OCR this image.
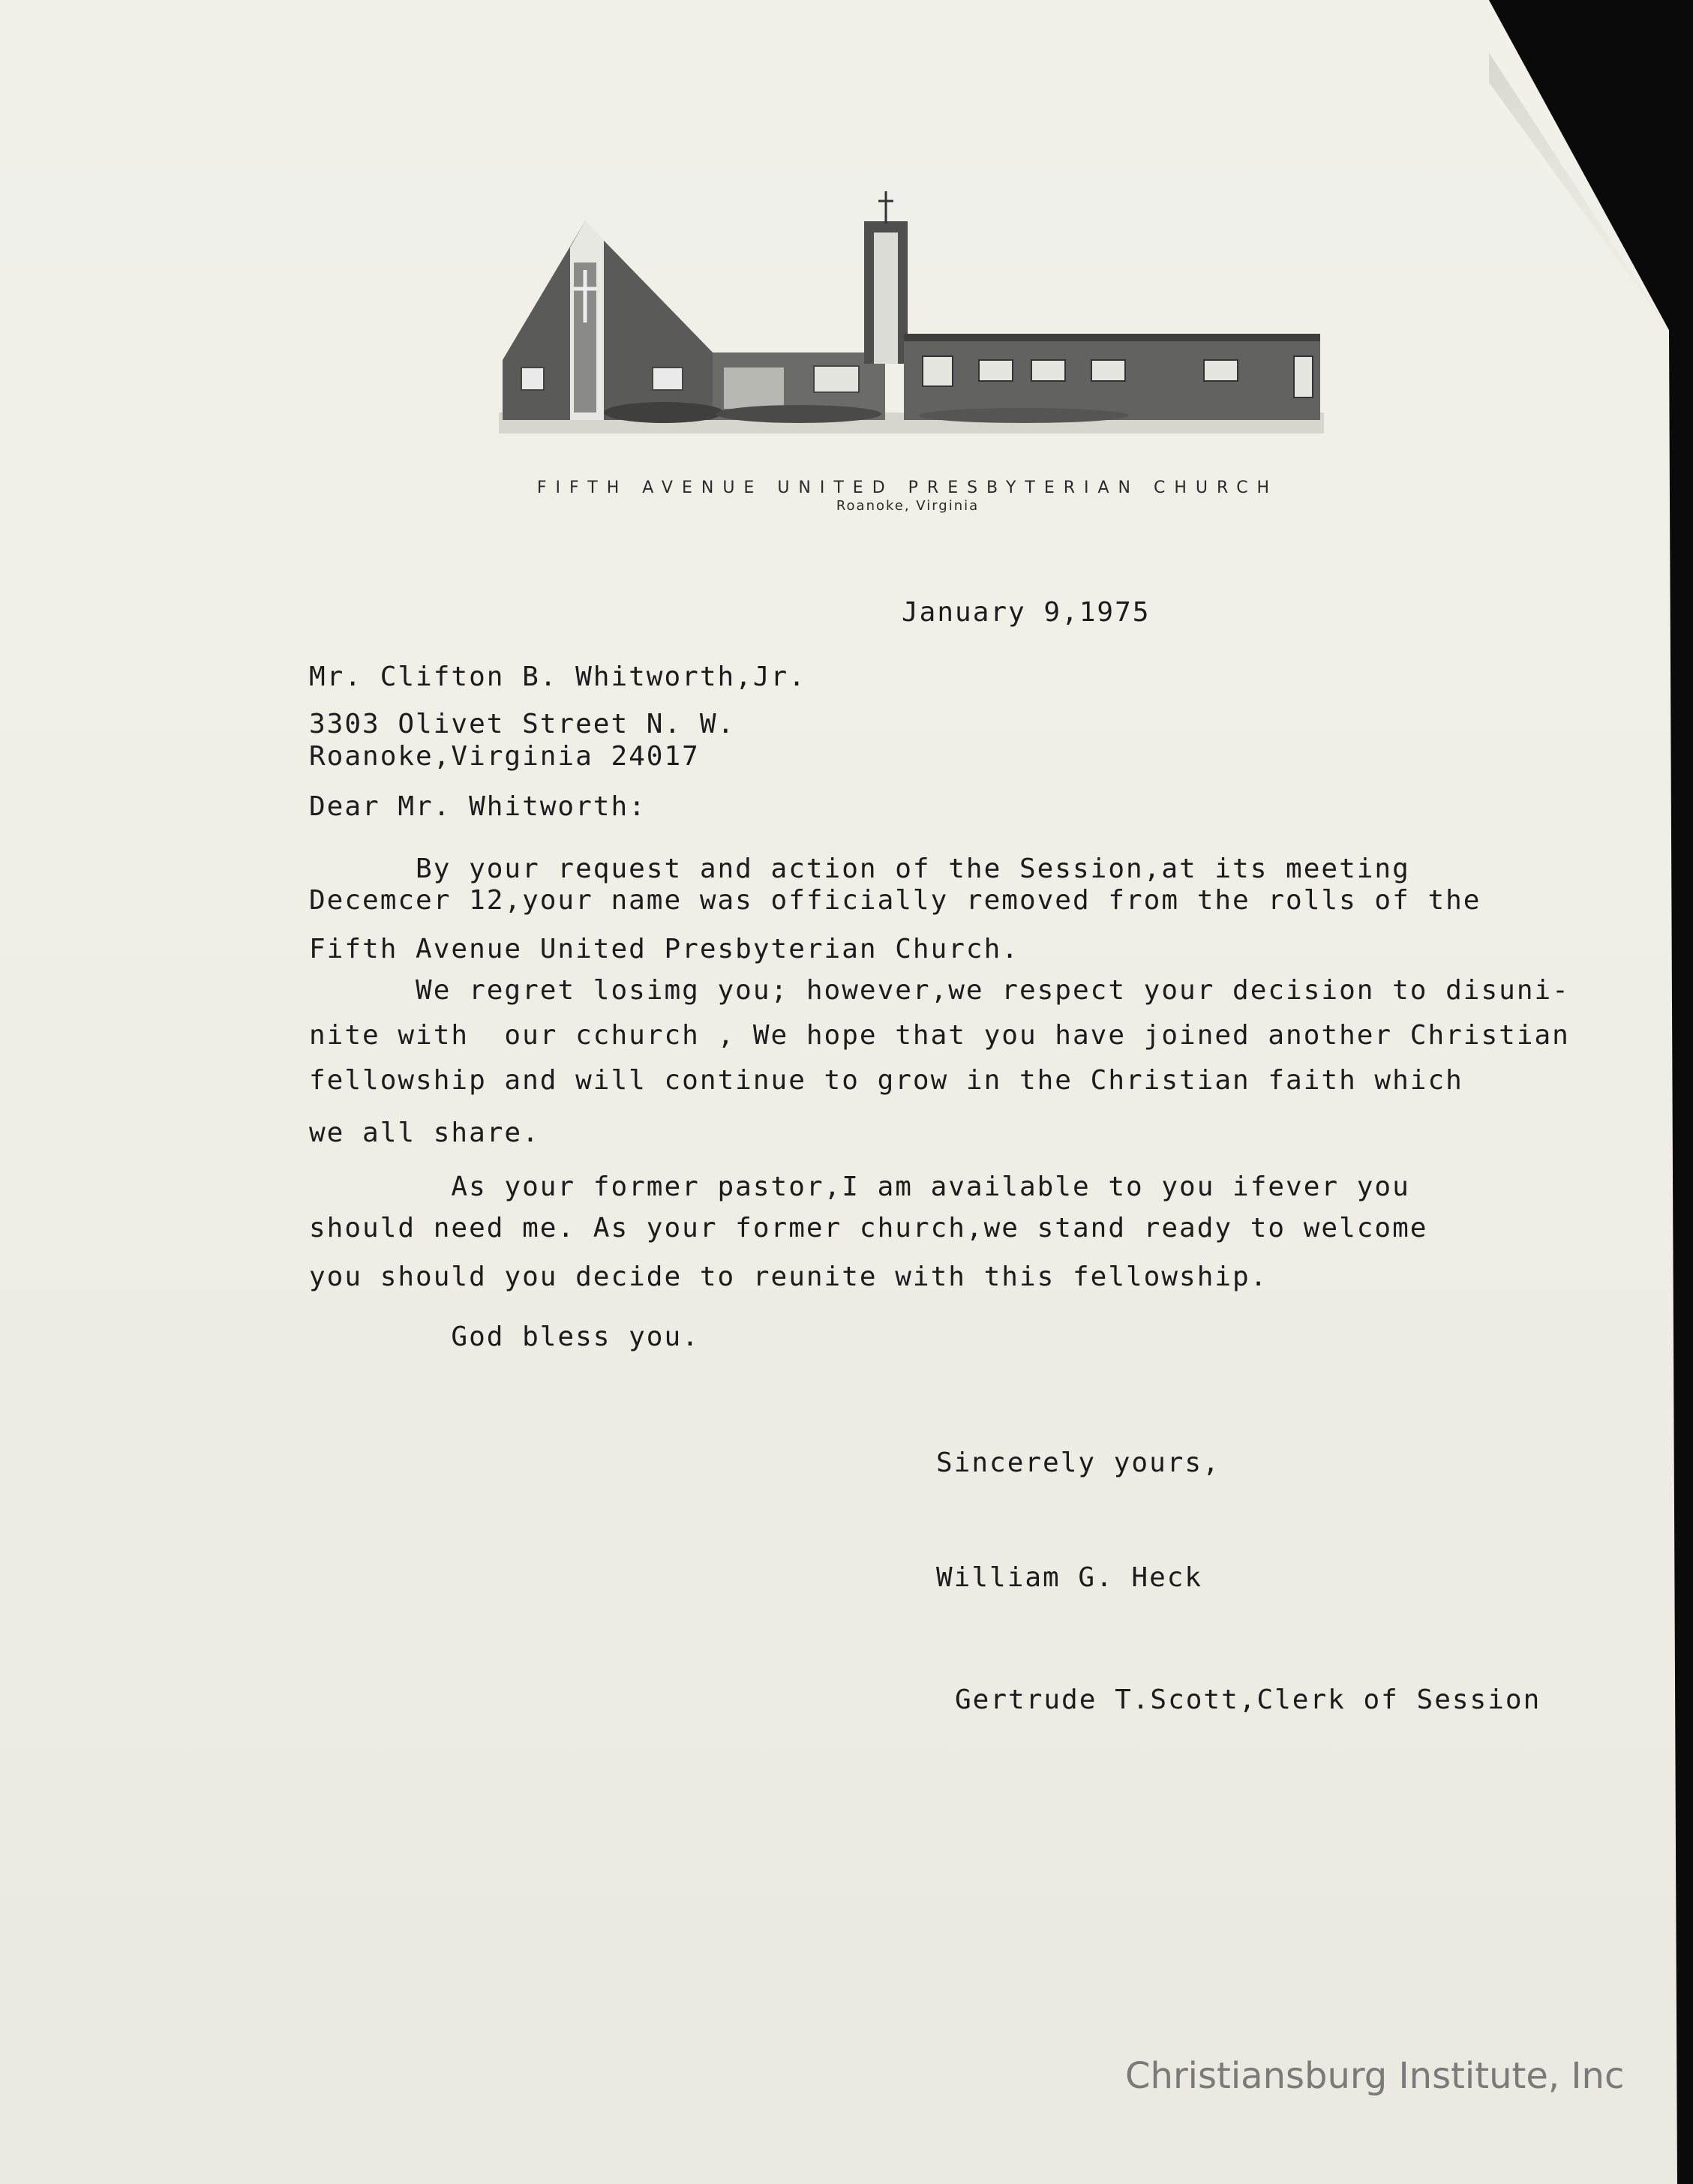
FIFTH AVENUE UNITED PRESBYTERIAN CHURCH
Roanoke, Virginia

January 9,1975

Mr. Clifton B. Whitworth,Jr.

3303 Olivet Street N. W.

Roanoke,Virginia 24017

Dear Mr. Whitworth:

By your request and action of the Session,at its meeting

Decemcer 12,your name was officially removed from the rolls of the

Fifth Avenue United Presbyterian Church.

We regret losimg you; however,we respect your decision to disuni-

nite with  our cchurch , We hope that you have joined another Christian

fellowship and will continue to grow in the Christian faith which

we all share.

As your former pastor,I am available to you ifever you

should need me. As your former church,we stand ready to welcome

you should you decide to reunite with this fellowship.

God bless you.

Sincerely yours,

William G. Heck

Gertrude T.Scott,Clerk of Session

Christiansburg Institute, Inc
